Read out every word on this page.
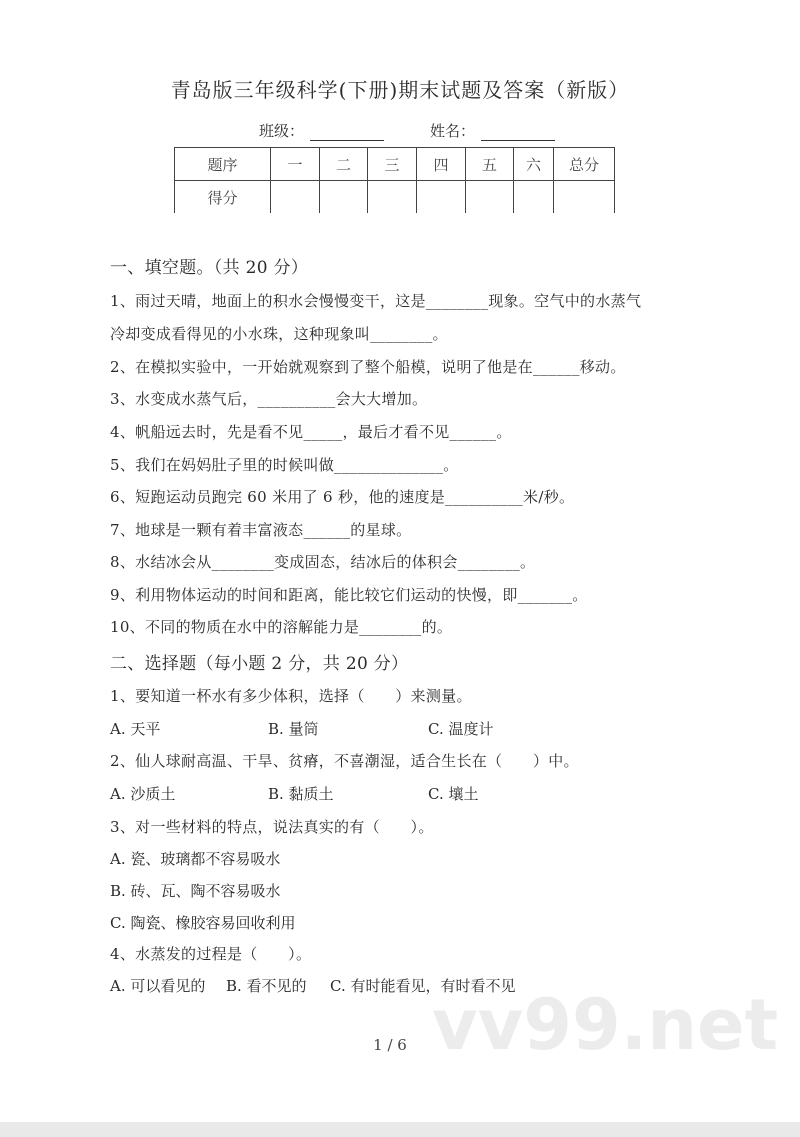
青岛版三年级科学(下册)期末试题及答案（新版）
班级：	姓名：
题序	一	二	三	四	五	六	总分
得分							
一、填空题。（共 20 分）
1、雨过天晴，地面上的积水会慢慢变干，这是________现象。空气中的水蒸气
冷却变成看得见的小水珠，这种现象叫________。
2、在模拟实验中，一开始就观察到了整个船模，说明了他是在______移动。
3、水变成水蒸气后，__________会大大增加。
4、帆船远去时，先是看不见_____，最后才看不见______。
5、我们在妈妈肚子里的时候叫做______________。
6、短跑运动员跑完 60 米用了 6 秒，他的速度是__________米/秒。
7、地球是一颗有着丰富液态______的星球。
8、水结冰会从________变成固态，结冰后的体积会________。
9、利用物体运动的时间和距离，能比较它们运动的快慢，即_______。
10、不同的物质在水中的溶解能力是________的。
二、选择题（每小题 2 分，共 20 分）
1、要知道一杯水有多少体积，选择（　　）来测量。
A. 天平	B. 量筒	C. 温度计
2、仙人球耐高温、干旱、贫瘠，不喜潮湿，适合生长在（　　）中。
A. 沙质土	B. 黏质土	C. 壤土
3、对一些材料的特点，说法真实的有（　　）。
A. 瓷、玻璃都不容易吸水
B. 砖、瓦、陶不容易吸水
C. 陶瓷、橡胶容易回收利用
4、水蒸发的过程是（　　）。
A. 可以看见的 B. 看不见的 C. 有时能看见，有时看不见
vv99.net
1 / 6
